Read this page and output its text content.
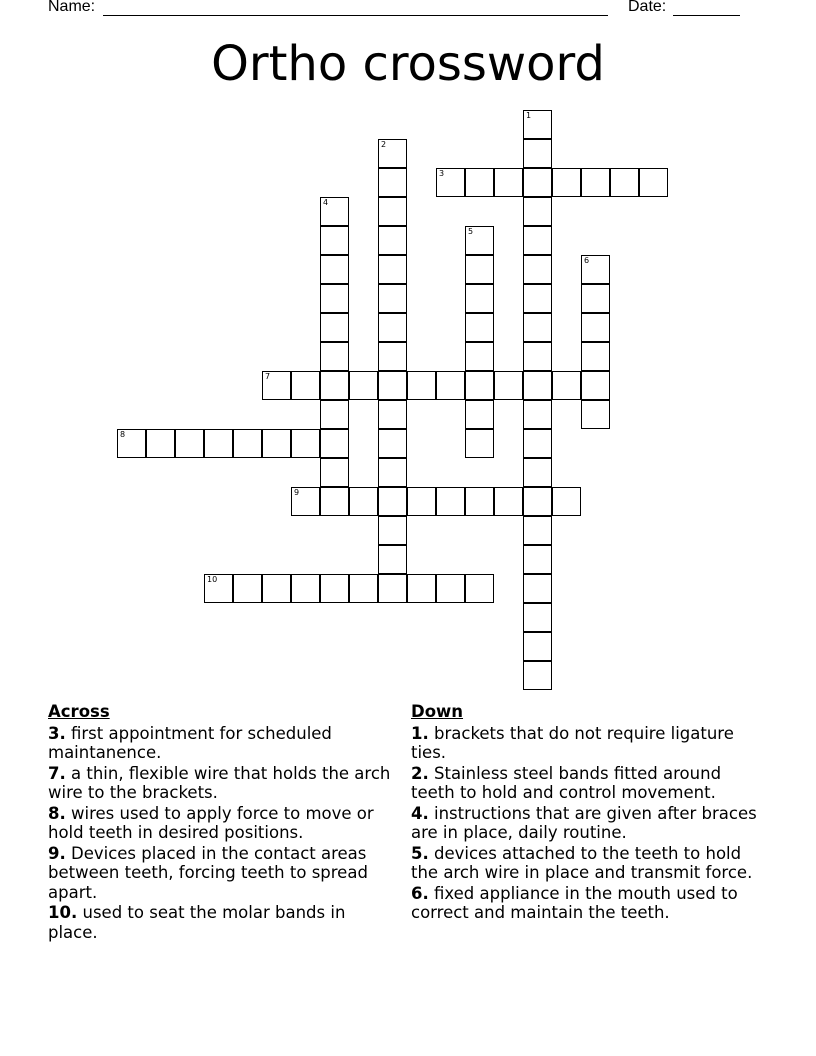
Name:	Date:
Ortho crossword
1
2
3
4
5
6
7
8
9
10
Across
3. first appointment for scheduled maintanence.
7. a thin, flexible wire that holds the arch wire to the brackets.
8. wires used to apply force to move or hold teeth in desired positions.
9. Devices placed in the contact areas between teeth, forcing teeth to spread apart.
10. used to seat the molar bands in place.
Down
1. brackets that do not require ligature ties.
2. Stainless steel bands fitted around teeth to hold and control movement.
4. instructions that are given after braces are in place, daily routine.
5. devices attached to the teeth to hold the arch wire in place and transmit force.
6. fixed appliance in the mouth used to correct and maintain the teeth.
